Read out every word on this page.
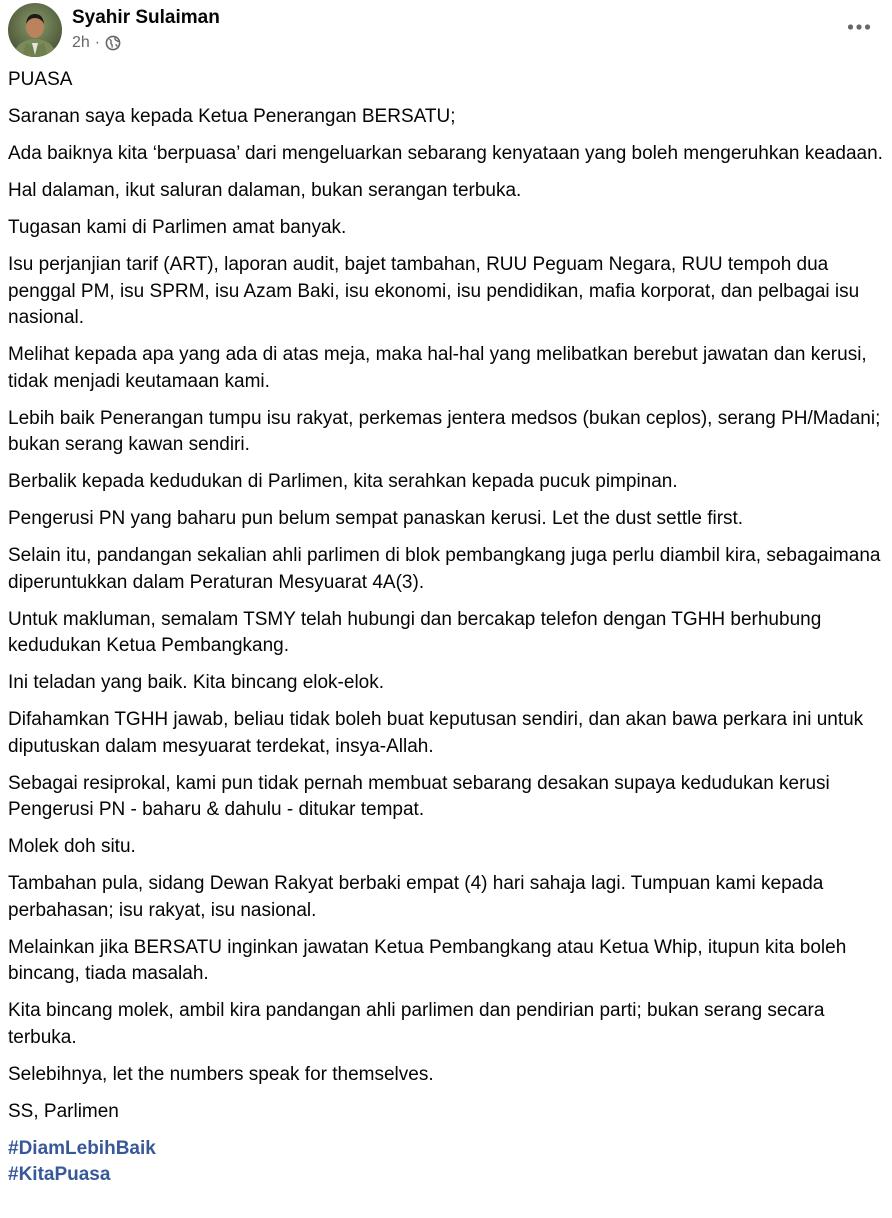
Syahir Sulaiman
2h ·

PUASA

Saranan saya kepada Ketua Penerangan BERSATU;

Ada baiknya kita ‘berpuasa’ dari mengeluarkan sebarang kenyataan yang boleh mengeruhkan keadaan.

Hal dalaman, ikut saluran dalaman, bukan serangan terbuka.

Tugasan kami di Parlimen amat banyak.

Isu perjanjian tarif (ART), laporan audit, bajet tambahan, RUU Peguam Negara, RUU tempoh dua penggal PM, isu SPRM, isu Azam Baki, isu ekonomi, isu pendidikan, mafia korporat, dan pelbagai isu nasional.

Melihat kepada apa yang ada di atas meja, maka hal-hal yang melibatkan berebut jawatan dan kerusi, tidak menjadi keutamaan kami.

Lebih baik Penerangan tumpu isu rakyat, perkemas jentera medsos (bukan ceplos), serang PH/Madani; bukan serang kawan sendiri.

Berbalik kepada kedudukan di Parlimen, kita serahkan kepada pucuk pimpinan.

Pengerusi PN yang baharu pun belum sempat panaskan kerusi. Let the dust settle first.

Selain itu, pandangan sekalian ahli parlimen di blok pembangkang juga perlu diambil kira, sebagaimana diperuntukkan dalam Peraturan Mesyuarat 4A(3).

Untuk makluman, semalam TSMY telah hubungi dan bercakap telefon dengan TGHH berhubung kedudukan Ketua Pembangkang.

Ini teladan yang baik. Kita bincang elok-elok.

Difahamkan TGHH jawab, beliau tidak boleh buat keputusan sendiri, dan akan bawa perkara ini untuk diputuskan dalam mesyuarat terdekat, insya-Allah.

Sebagai resiprokal, kami pun tidak pernah membuat sebarang desakan supaya kedudukan kerusi Pengerusi PN - baharu & dahulu - ditukar tempat.

Molek doh situ.

Tambahan pula, sidang Dewan Rakyat berbaki empat (4) hari sahaja lagi. Tumpuan kami kepada perbahasan; isu rakyat, isu nasional.

Melainkan jika BERSATU inginkan jawatan Ketua Pembangkang atau Ketua Whip, itupun kita boleh bincang, tiada masalah.

Kita bincang molek, ambil kira pandangan ahli parlimen dan pendirian parti; bukan serang secara terbuka.

Selebihnya, let the numbers speak for themselves.

SS, Parlimen

#DiamLebihBaik
#KitaPuasa
